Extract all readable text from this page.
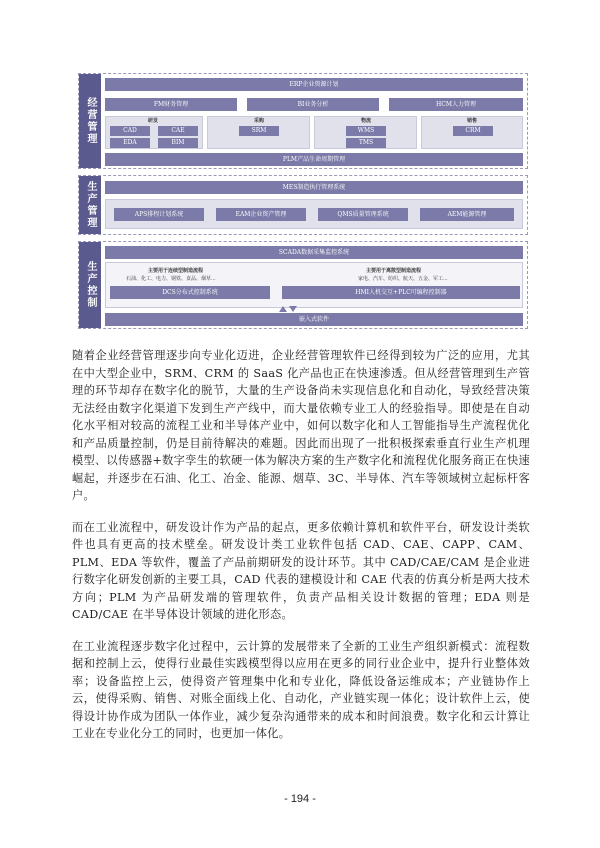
经营管理
ERP企业资源计划
FM财务管理	BI业务分析	HCM人力管理
研发
CAD	CAE
EDA	BIM
采购
SRM
物流
WMS
TMS
销售
CRM
PLM产品生命周期管理
生产管理	MES制造执行管理系统
APS排程计划系统	EAM企业资产管理	QMS质量管理系统	AEM能源管理
生产控制
SCADA数据采集监控系统
主要用于连续型制造流程
石油、化工、电力、钢铁、食品、烟草...
主要用于离散型制造流程
家电、汽车、纺织、航天、五金、军工...
DCS分布式控制系统	HMI人机交互+PLC可编程控制器
嵌入式软件

随着企业经营管理逐步向专业化迈进，企业经营管理软件已经得到较为广泛的应用，尤其在中大型企业中，SRM、CRM 的 SaaS 化产品也正在快速渗透。但从经营管理到生产管理的环节却存在数字化的脱节，大量的生产设备尚未实现信息化和自动化，导致经营决策无法经由数字化渠道下发到生产产线中，而大量依赖专业工人的经验指导。即使是在自动化水平相对较高的流程工业和半导体产业中，如何以数字化和人工智能指导生产流程优化和产品质量控制，仍是目前待解决的难题。因此而出现了一批积极探索垂直行业生产机理模型、以传感器+数字孪生的软硬一体为解决方案的生产数字化和流程优化服务商正在快速崛起，并逐步在石油、化工、冶金、能源、烟草、3C、半导体、汽车等领域树立起标杆客户。

而在工业流程中，研发设计作为产品的起点，更多依赖计算机和软件平台，研发设计类软件也具有更高的技术壁垒。研发设计类工业软件包括 CAD、CAE、CAPP、CAM、PLM、EDA 等软件，覆盖了产品前期研发的设计环节。其中 CAD/CAE/CAM 是企业进行数字化研发创新的主要工具，CAD 代表的建模设计和 CAE 代表的仿真分析是两大技术方向；PLM 为产品研发端的管理软件，负责产品相关设计数据的管理；EDA 则是 CAD/CAE 在半导体设计领域的进化形态。

在工业流程逐步数字化过程中，云计算的发展带来了全新的工业生产组织新模式：流程数据和控制上云，使得行业最佳实践模型得以应用在更多的同行业企业中，提升行业整体效率；设备监控上云，使得资产管理集中化和专业化，降低设备运维成本；产业链协作上云，使得采购、销售、对账全面线上化、自动化，产业链实现一体化；设计软件上云，使得设计协作成为团队一体作业，减少复杂沟通带来的成本和时间浪费。数字化和云计算让工业在专业化分工的同时，也更加一体化。

- 194 -
